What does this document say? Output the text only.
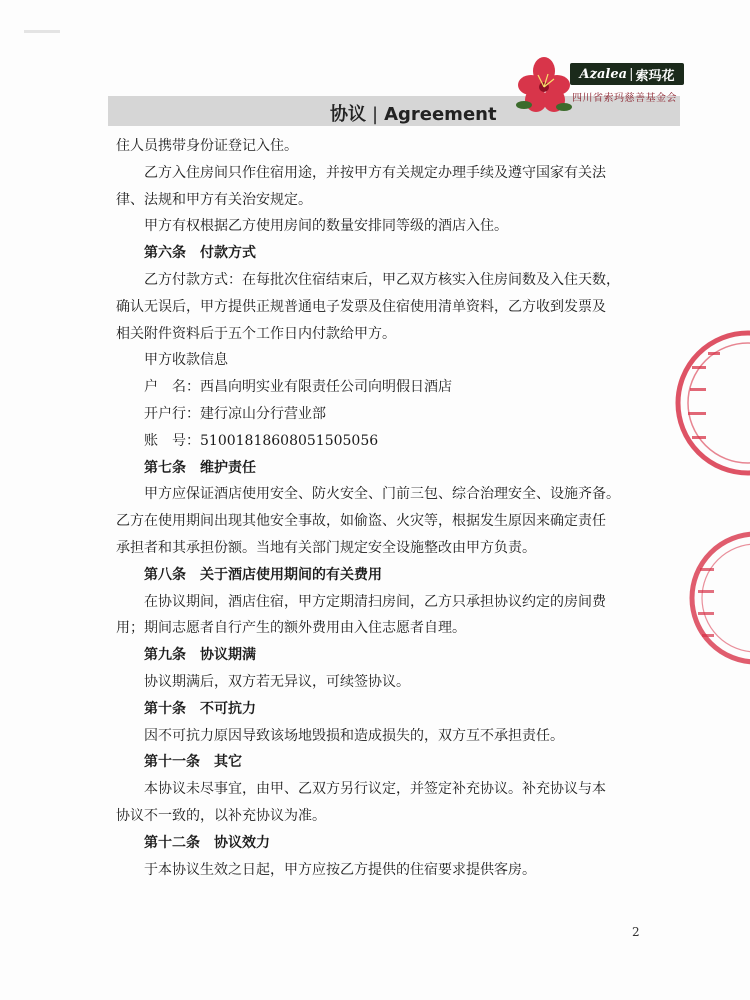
协议 | Agreement
Azalea | 索玛花
四川省索玛慈善基金会

住人员携带身份证登记入住。

乙方入住房间只作住宿用途，并按甲方有关规定办理手续及遵守国家有关法

律、法规和甲方有关治安规定。

甲方有权根据乙方使用房间的数量安排同等级的酒店入住。

第六条 付款方式

乙方付款方式：在每批次住宿结束后，甲乙双方核实入住房间数及入住天数，

确认无误后，甲方提供正规普通电子发票及住宿使用清单资料，乙方收到发票及

相关附件资料后于五个工作日内付款给甲方。

甲方收款信息

户　名：西昌向明实业有限责任公司向明假日酒店

开户行：建行凉山分行营业部

账　号：51001818608051505056

第七条 维护责任

甲方应保证酒店使用安全、防火安全、门前三包、综合治理安全、设施齐备。

乙方在使用期间出现其他安全事故，如偷盗、火灾等，根据发生原因来确定责任

承担者和其承担份额。当地有关部门规定安全设施整改由甲方负责。

第八条 关于酒店使用期间的有关费用

在协议期间，酒店住宿，甲方定期清扫房间，乙方只承担协议约定的房间费

用；期间志愿者自行产生的额外费用由入住志愿者自理。

第九条 协议期满

协议期满后，双方若无异议，可续签协议。

第十条 不可抗力

因不可抗力原因导致该场地毁损和造成损失的，双方互不承担责任。

第十一条 其它

本协议未尽事宜，由甲、乙双方另行议定，并签定补充协议。补充协议与本

协议不一致的，以补充协议为准。

第十二条 协议效力

于本协议生效之日起，甲方应按乙方提供的住宿要求提供客房。

2
